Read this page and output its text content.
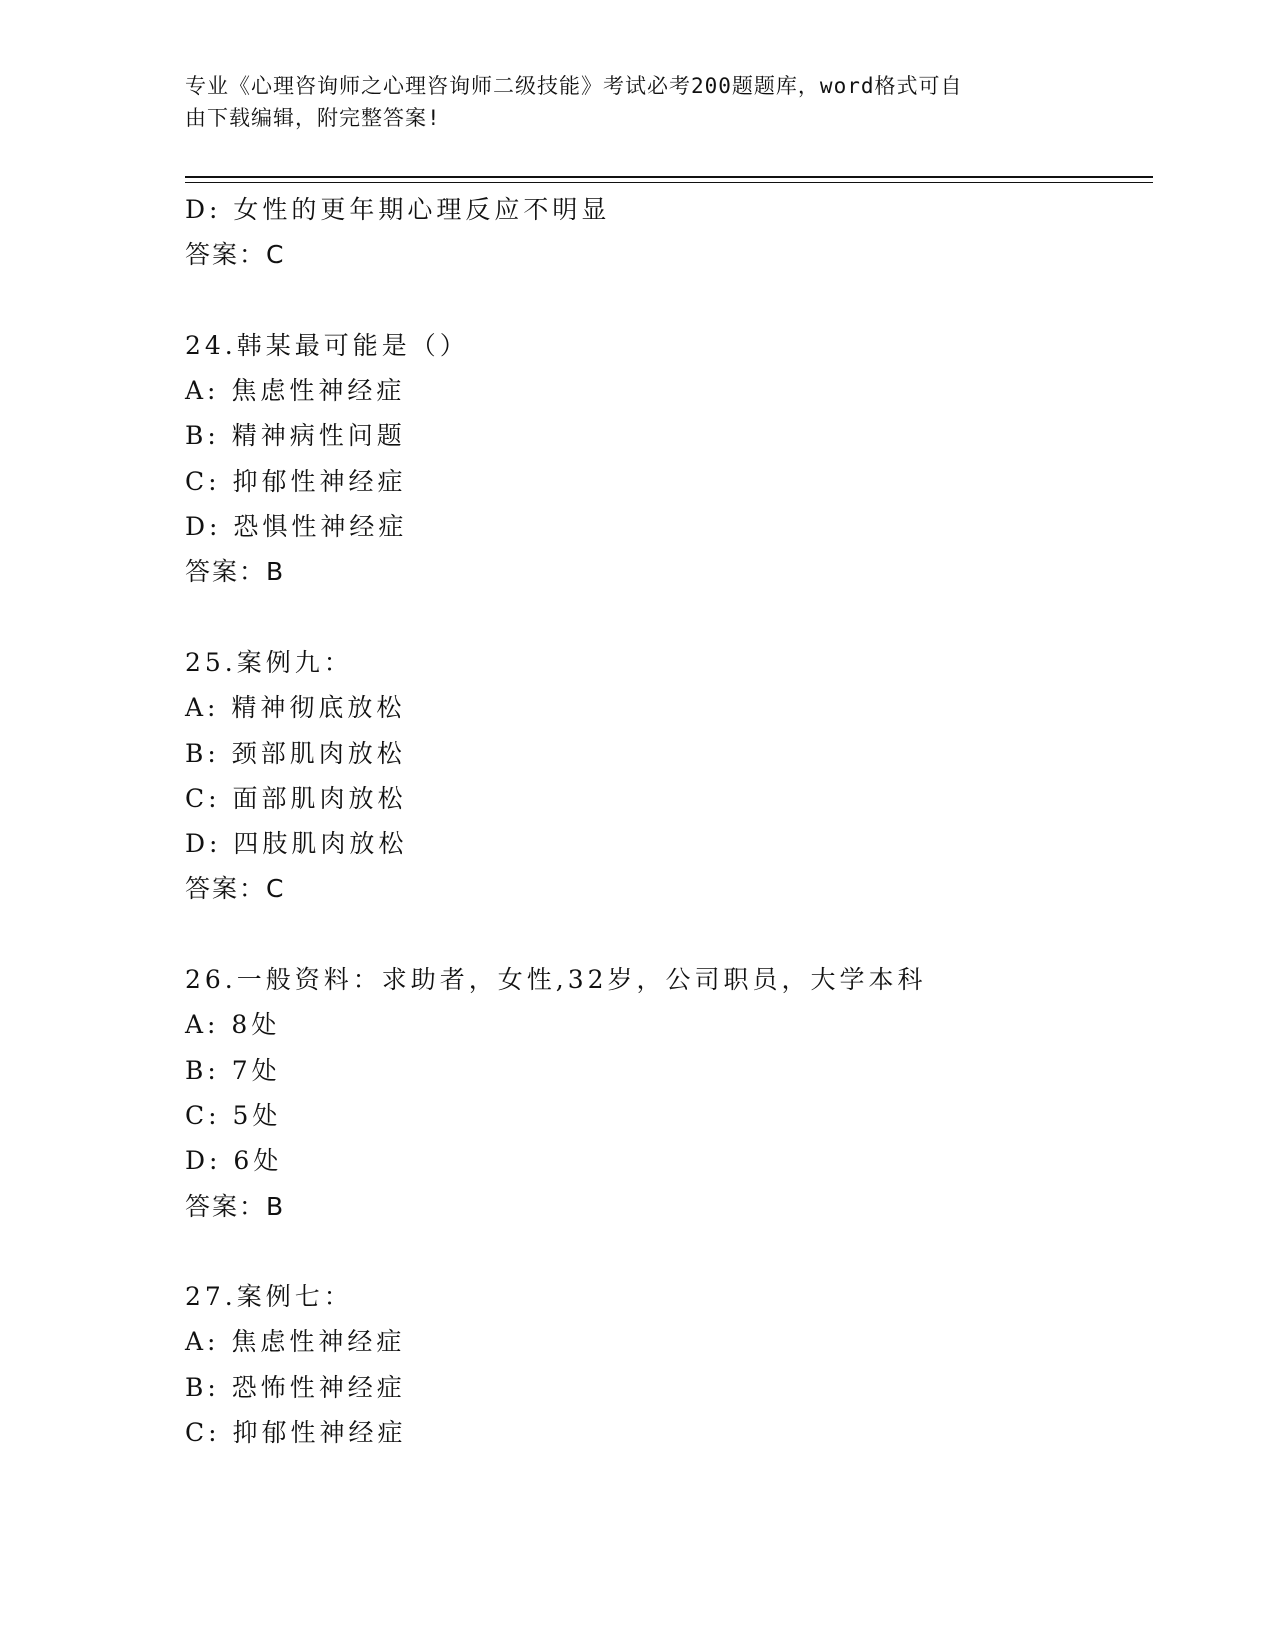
专业《心理咨询师之心理咨询师二级技能》考试必考200题题库，word格式可自
由下载编辑，附完整答案!
D: 女性的更年期心理反应不明显
答案：C
24.韩某最可能是（）
A: 焦虑性神经症
B: 精神病性问题
C: 抑郁性神经症
D: 恐惧性神经症
答案：B
25.案例九：
A: 精神彻底放松
B: 颈部肌肉放松
C: 面部肌肉放松
D: 四肢肌肉放松
答案：C
26.一般资料：求助者，女性,32岁，公司职员，大学本科
A: 8处
B: 7处
C: 5处
D: 6处
答案：B
27.案例七：
A: 焦虑性神经症
B: 恐怖性神经症
C: 抑郁性神经症
